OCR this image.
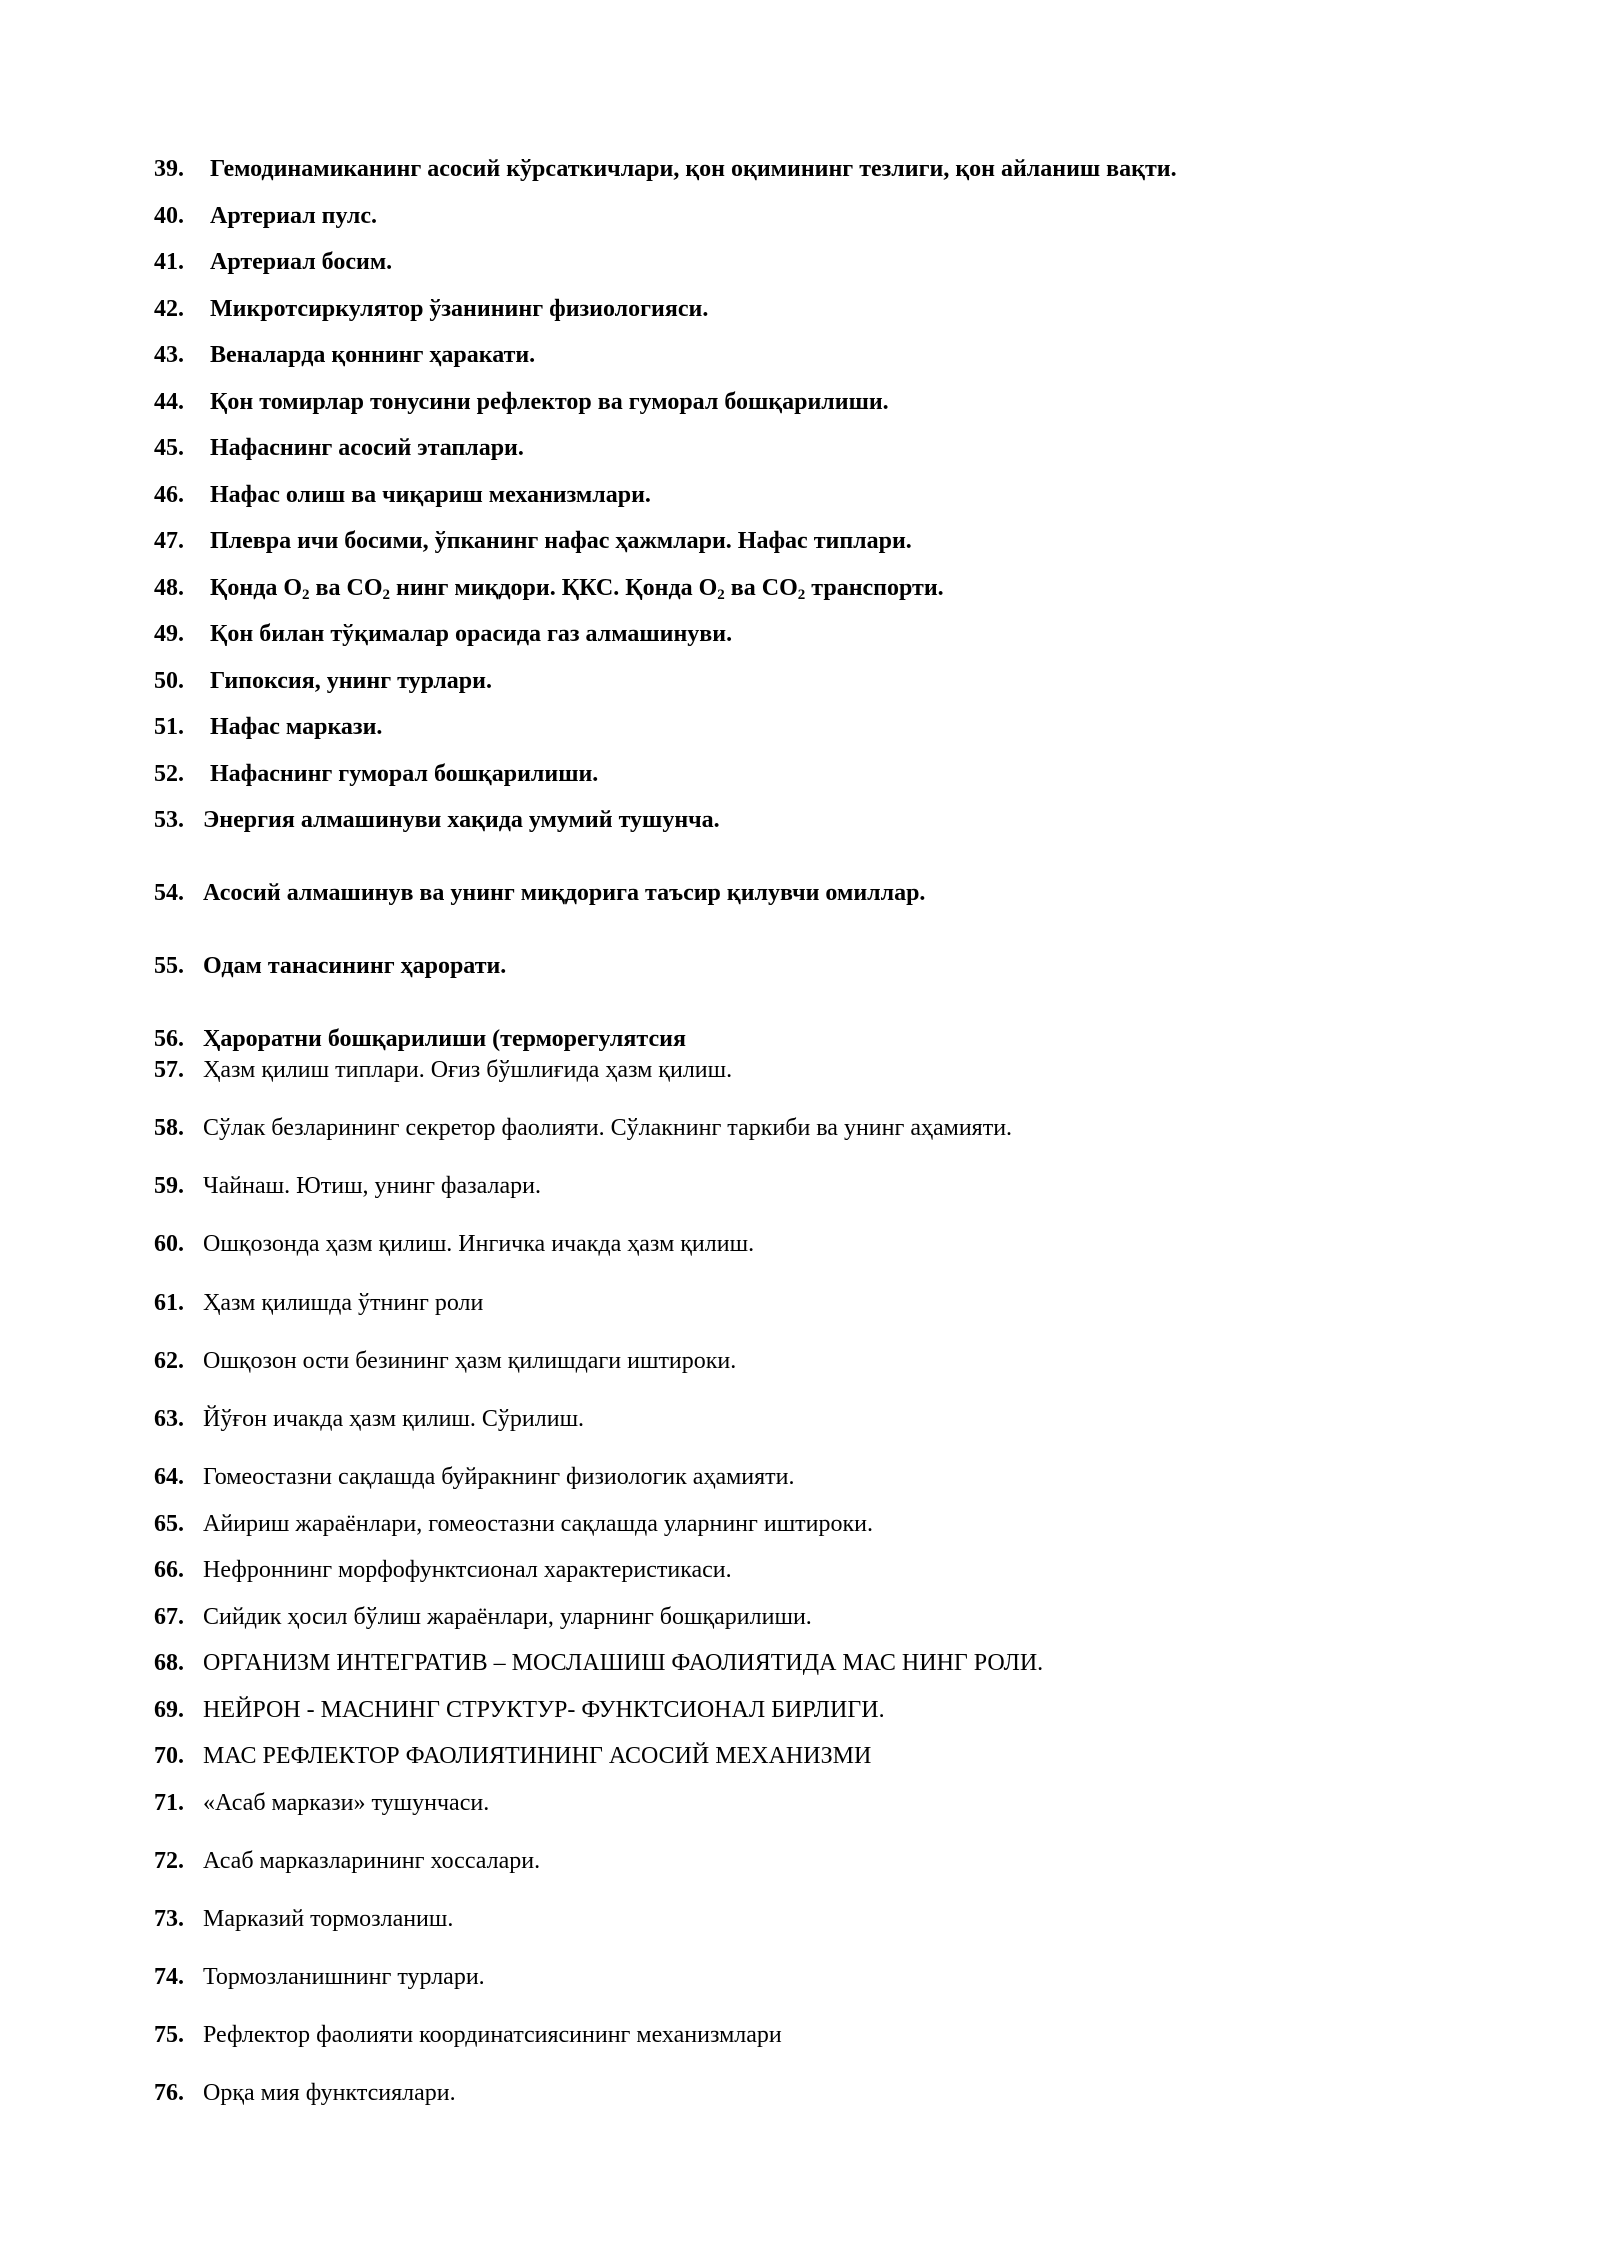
39. Гемодинамиканинг асосий кўрсаткичлари, қон оқимининг тезлиги, қон айланиш вақти.
40. Артериал пулс.
41. Артериал босим.
42. Микротсиркулятор ўзанининг физиологияси.
43. Веналарда қоннинг ҳаракати.
44. Қон томирлар тонусини рефлектор ва гуморал бошқарилиши.
45. Нафаснинг асосий этаплари.
46. Нафас олиш ва чиқариш механизмлари.
47. Плевра ичи босими, ўпканинг нафас ҳажмлари. Нафас типлари.
48. Қонда $О_2$ ва $СО_2$ нинг миқдори. ҚКС. Қонда $О_2$ ва $СО_2$ транспорти.
49. Қон билан тўқималар орасида газ алмашинуви.
50. Гипоксия, унинг турлари.
51. Нафас маркази.
52. Нафаснинг гуморал бошқарилиши.
53. Энергия алмашинуви хақида умумий тушунча.
54. Асосий алмашинув ва унинг миқдорига таъсир қилувчи омиллар.
55. Одам танасининг ҳарорати.
56. Ҳароратни бошқарилиши (терморегулятсия
57. Ҳазм қилиш типлари. Оғиз бўшлиғида ҳазм қилиш.
58. Сўлак безларининг секретор фаолияти. Сўлакнинг таркиби ва унинг аҳамияти.
59. Чайнаш. Ютиш, унинг фазалари.
60. Ошқозонда ҳазм қилиш. Ингичка ичакда ҳазм қилиш.
61. Ҳазм қилишда ўтнинг роли
62. Ошқозон ости безининг ҳазм қилишдаги иштироки.
63. Йўғон ичакда ҳазм қилиш. Сўрилиш.
64. Гомеостазни сақлашда буйракнинг физиологик аҳамияти.
65. Айириш жараёнлари, гомеостазни сақлашда уларнинг иштироки.
66. Нефроннинг морфофунктсионал характеристикаси.
67. Сийдик ҳосил бўлиш жараёнлари, уларнинг бошқарилиши.
68. ОРГАНИЗМ ИНТЕГРАТИВ – МОСЛАШИШ ФАОЛИЯТИДА МАС НИНГ РОЛИ.
69. НЕЙРОН - МАСНИНГ СТРУКТУР- ФУНКТСИОНАЛ БИРЛИГИ.
70. МАС РЕФЛЕКТОР ФАОЛИЯТИНИНГ АСОСИЙ МЕХАНИЗМИ
71. «Асаб маркази» тушунчаси.
72. Асаб марказларининг хоссалари.
73. Марказий тормозланиш.
74. Тормозланишнинг турлари.
75. Рефлектор фаолияти координатсиясининг механизмлари
76. Орқа мия функтсиялари.
